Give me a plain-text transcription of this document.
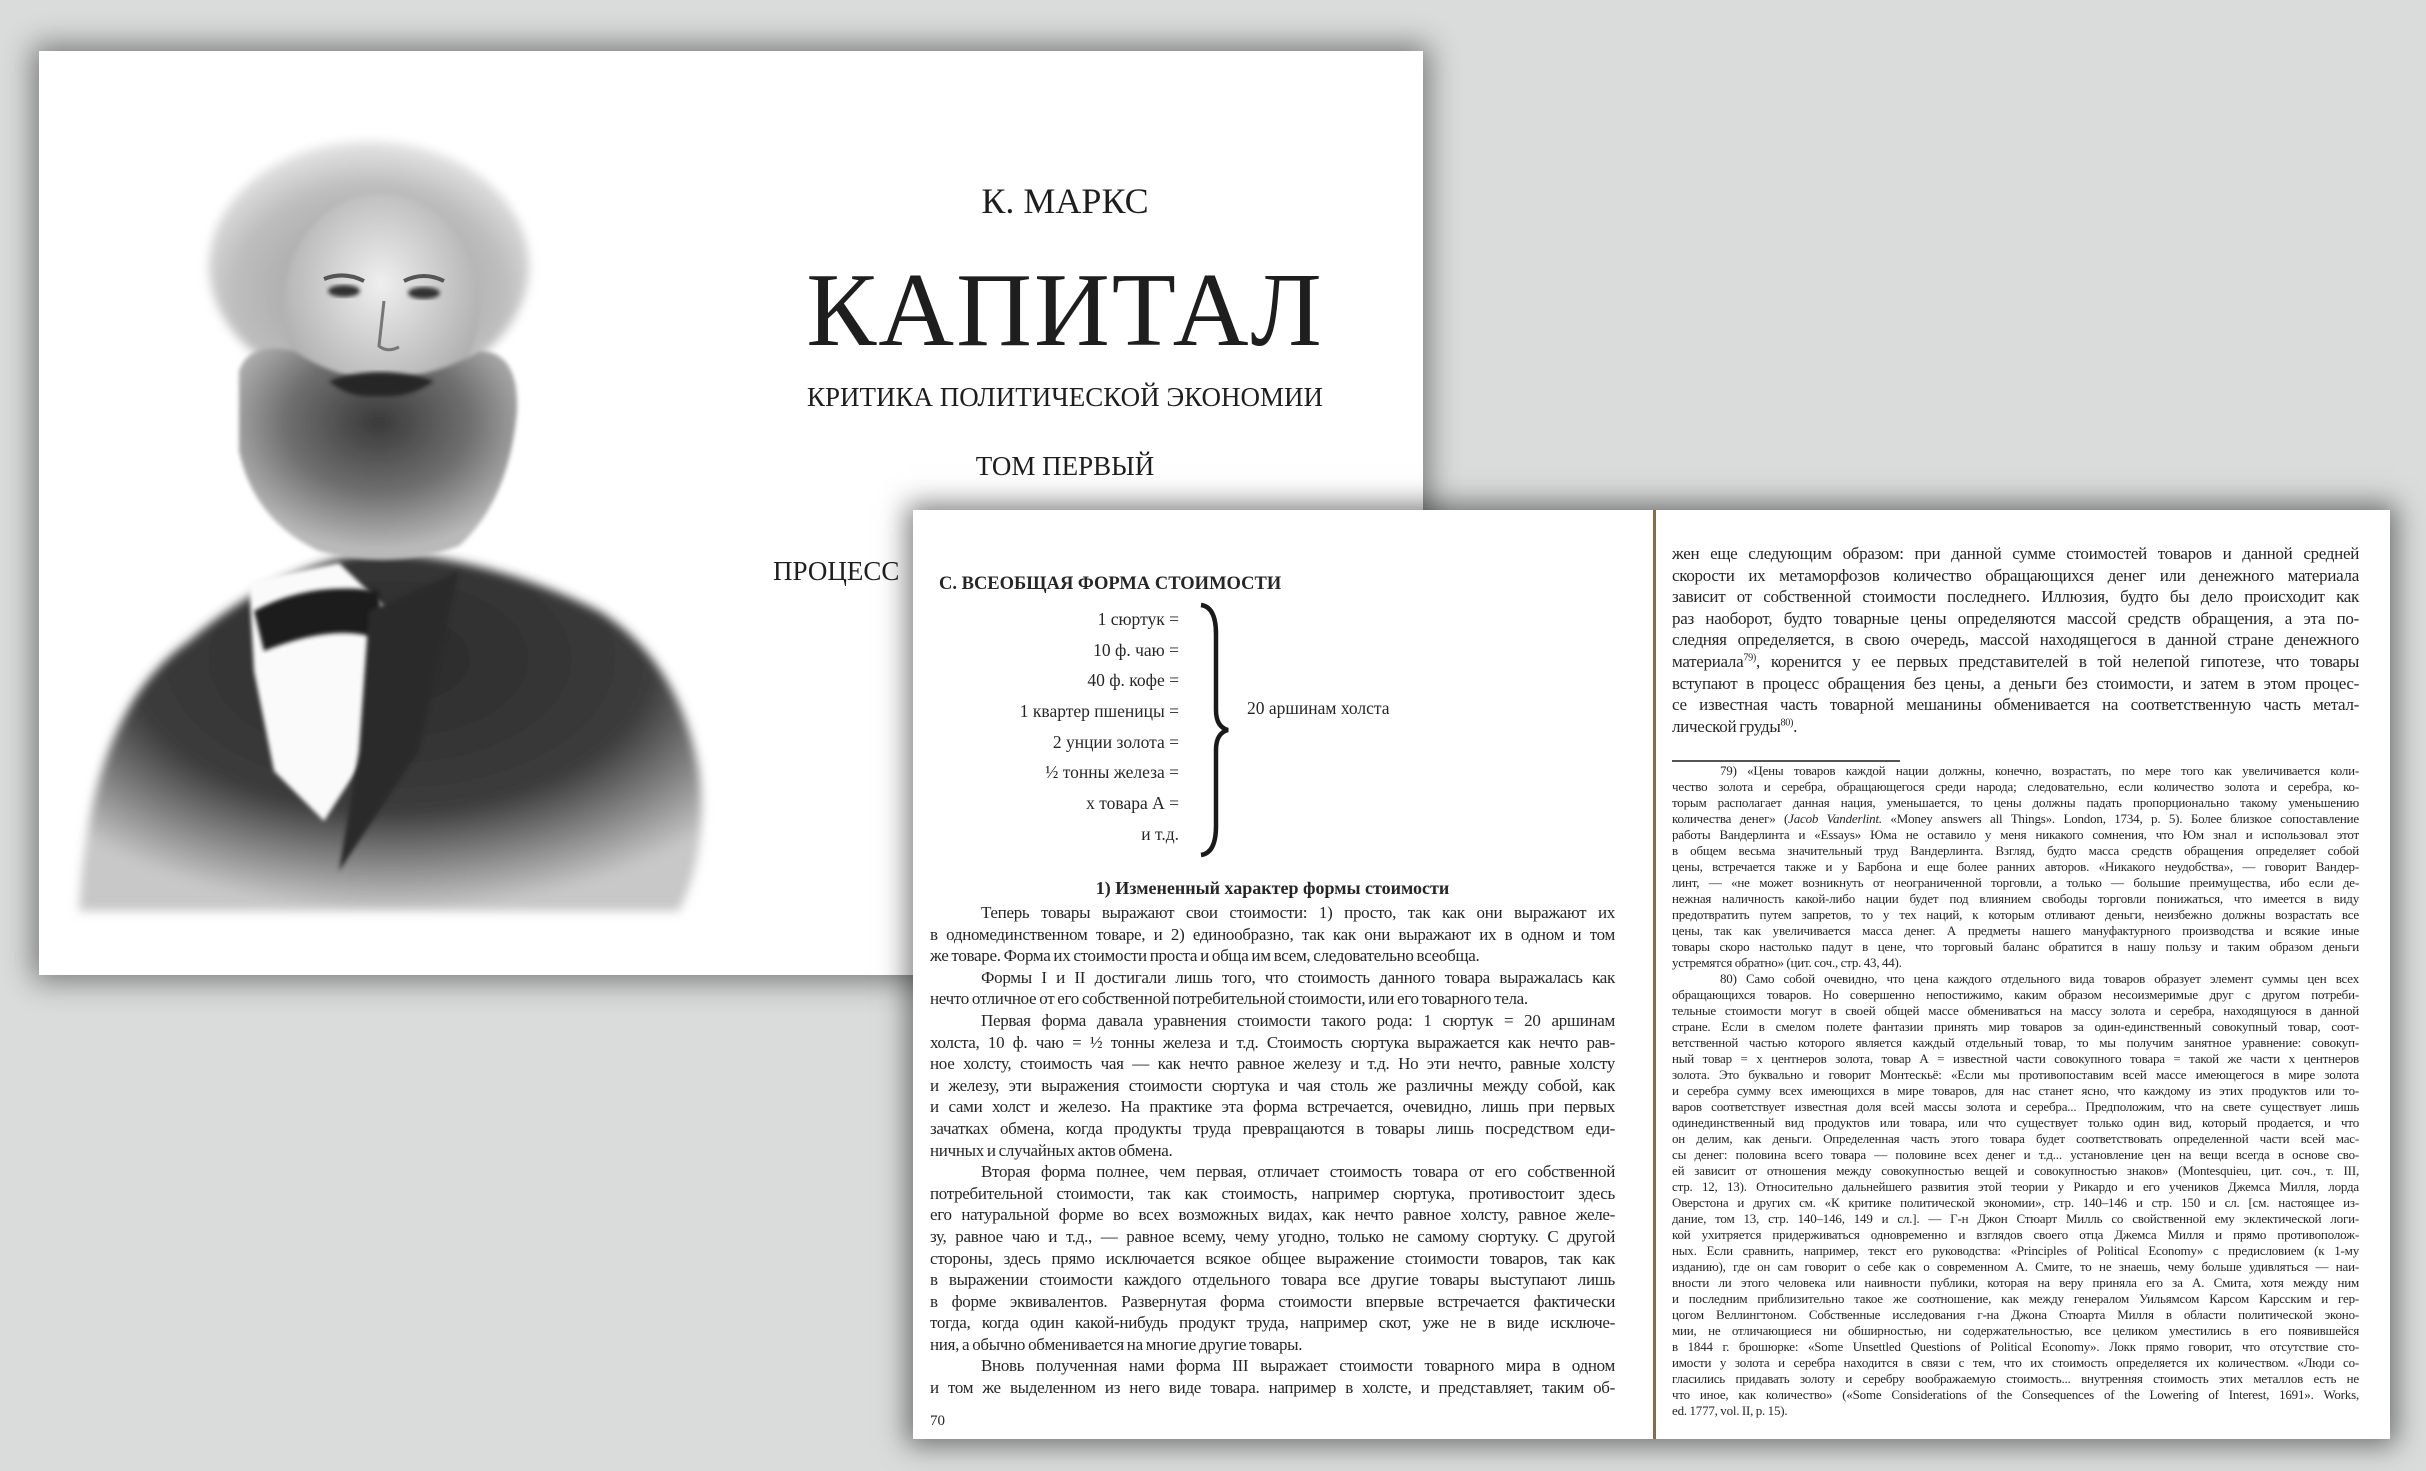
К. МАРКС
КАПИТАЛ
КРИТИКА ПОЛИТИЧЕСКОЙ ЭКОНОМИИ
ТОМ ПЕРВЫЙ
ПРОЦЕСС С. ВСЕОБЩАЯ ФОРМА СТОИМОСТИ
1 сюртук =
10 ф. чаю =
40 ф. кофе =
1 квартер пшеницы =
2 унции золота =
½ тонны железа =
x товара А =
и т.д.
20 аршинам холста
1) Измененный характер формы стоимости
Теперь товары выражают свои стоимости: 1) просто, так как они выражают их
в одномединственном товаре, и 2) единообразно, так как они выражают их в одном и том
же товаре. Форма их стоимости проста и обща им всем, следовательно всеобща.
Формы I и II достигали лишь того, что стоимость данного товара выражалась как
нечто отличное от его собственной потребительной стоимости, или его товарного тела.
Первая форма давала уравнения стоимости такого рода: 1 сюртук = 20 аршинам
холста, 10 ф. чаю = ½ тонны железа и т.д. Стоимость сюртука выражается как нечто рав-
ное холсту, стоимость чая — как нечто равное железу и т.д. Но эти нечто, равные холсту
и железу, эти выражения стоимости сюртука и чая столь же различны между собой, как
и сами холст и железо. На практике эта форма встречается, очевидно, лишь при первых
зачатках обмена, когда продукты труда превращаются в товары лишь посредством еди-
ничных и случайных актов обмена.
Вторая форма полнее, чем первая, отличает стоимость товара от его собственной
потребительной стоимости, так как стоимость, например сюртука, противостоит здесь
его натуральной форме во всех возможных видах, как нечто равное холсту, равное желе-
зу, равное чаю и т.д., — равное всему, чему угодно, только не самому сюртуку. С другой
стороны, здесь прямо исключается всякое общее выражение стоимости товаров, так как
в выражении стоимости каждого отдельного товара все другие товары выступают лишь
в форме эквивалентов. Развернутая форма стоимости впервые встречается фактически
тогда, когда один какой-нибудь продукт труда, например скот, уже не в виде исключе-
ния, а обычно обменивается на многие другие товары.
Вновь полученная нами форма III выражает стоимости товарного мира в одном
и том же выделенном из него виде товара. например в холсте, и представляет, таким об-
70
жен еще следующим образом: при данной сумме стоимостей товаров и данной средней
скорости их метаморфозов количество обращающихся денег или денежного материала
зависит от собственной стоимости последнего. Иллюзия, будто бы дело происходит как
раз наоборот, будто товарные цены определяются массой средств обращения, а эта по-
следняя определяется, в свою очередь, массой находящегося в данной стране денежного
материала$^{79)}$, коренится у ее первых представителей в той нелепой гипотезе, что товары
вступают в процесс обращения без цены, а деньги без стоимости, и затем в этом процес-
се известная часть товарной мешанины обменивается на соответственную часть метал-
лической груды$^{80)}$.
79) «Цены товаров каждой нации должны, конечно, возрастать, по мере того как увеличивается коли-
чество золота и серебра, обращающегося среди народа; следовательно, если количество золота и серебра, ко-
торым располагает данная нация, уменьшается, то цены должны падать пропорционально такому уменьшению
количества денег» (Jacob Vanderlint. «Money answers all Things». London, 1734, p. 5). Более близкое сопоставление
работы Вандерлинта и «Essays» Юма не оставило у меня никакого сомнения, что Юм знал и использовал этот
в общем весьма значительный труд Вандерлинта. Взгляд, будто масса средств обращения определяет собой
цены, встречается также и у Барбона и еще более ранних авторов. «Никакого неудобства», — говорит Вандер-
линт, — «не может возникнуть от неограниченной торговли, а только — большие преимущества, ибо если де-
нежная наличность какой-либо нации будет под влиянием свободы торговли понижаться, что имеется в виду
предотвратить путем запретов, то у тех наций, к которым отливают деньги, неизбежно должны возрастать все
цены, так как увеличивается масса денег. А предметы нашего мануфактурного производства и всякие иные
товары скоро настолько падут в цене, что торговый баланс обратится в нашу пользу и таким образом деньги
устремятся обратно» (цит. соч., стр. 43, 44).
80) Само собой очевидно, что цена каждого отдельного вида товаров образует элемент суммы цен всех
обращающихся товаров. Но совершенно непостижимо, каким образом несоизмеримые друг с другом потреби-
тельные стоимости могут в своей общей массе обмениваться на массу золота и серебра, находящуюся в данной
стране. Если в смелом полете фантазии принять мир товаров за один-единственный совокупный товар, соот-
ветственной частью которого является каждый отдельный товар, то мы получим занятное уравнение: совокуп-
ный товар = x центнеров золота, товар А = известной части совокупного товара = такой же части x центнеров
золота. Это буквально и говорит Монтескьё: «Если мы противопоставим всей массе имеющегося в мире золота
и серебра сумму всех имеющихся в мире товаров, для нас станет ясно, что каждому из этих продуктов или то-
варов соответствует известная доля всей массы золота и серебра... Предположим, что на свете существует лишь
одинединственный вид продуктов или товара, или что существует только один вид, который продается, и что
он делим, как деньги. Определенная часть этого товара будет соответствовать определенной части всей мас-
сы денег: половина всего товара — половине всех денег и т.д... установление цен на вещи всегда в основе сво-
ей зависит от отношения между совокупностью вещей и совокупностью знаков» (Montesquieu, цит. соч., т. III,
стр. 12, 13). Относительно дальнейшего развития этой теории у Рикардо и его учеников Джемса Милля, лорда
Оверстона и других см. «К критике политической экономии», стр. 140–146 и стр. 150 и сл. [см. настоящее из-
дание, том 13, стр. 140–146, 149 и сл.]. — Г-н Джон Стюарт Милль со свойственной ему эклектической логи-
кой ухитряется придерживаться одновременно и взглядов своего отца Джемса Милля и прямо противополож-
ных. Если сравнить, например, текст его руководства: «Principles of Political Economy» с предисловием (к 1-му
изданию), где он сам говорит о себе как о современном А. Смите, то не знаешь, чему больше удивляться — наи-
вности ли этого человека или наивности публики, которая на веру приняла его за А. Смита, хотя между ним
и последним приблизительно такое же соотношение, как между генералом Уильямсом Карсом Карсским и гер-
цогом Веллингтоном. Собственные исследования г-на Джона Стюарта Милля в области политической эконо-
мии, не отличающиеся ни обширностью, ни содержательностью, все целиком уместились в его появившейся
в 1844 г. брошюрке: «Some Unsettled Questions of Political Economy». Локк прямо говорит, что отсутствие сто-
имости у золота и серебра находится в связи с тем, что их стоимость определяется их количеством. «Люди со-
гласились придавать золоту и серебру воображаемую стоимость... внутренняя стоимость этих металлов есть не
что иное, как количество» («Some Considerations of the Consequences of the Lowering of Interest, 1691». Works,
ed. 1777, vol. II, p. 15).
